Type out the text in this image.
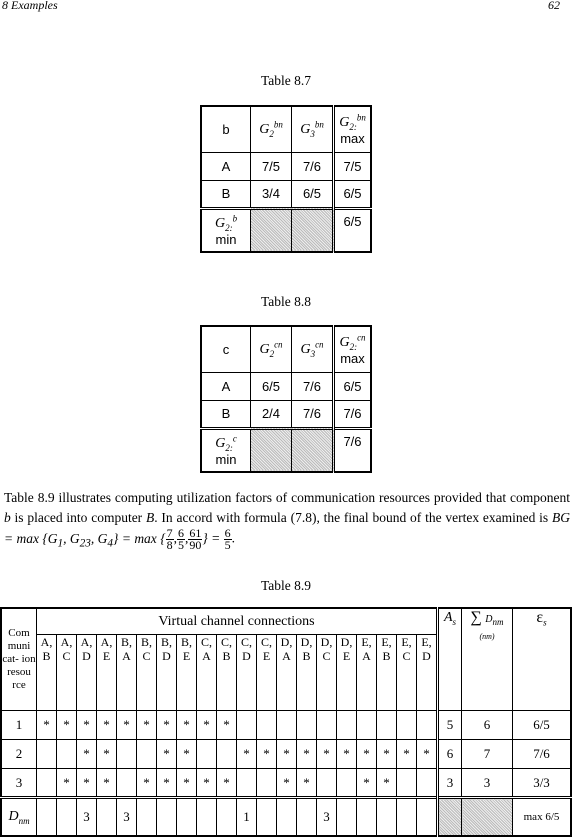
8 Examples	62
Table 8.7
b	$G_2^{bn}$	$G_3^{bn}$	$G_{2:}^{bn}$
max
A	7/5	7/6	7/5
B	3/4	6/5	6/5
$G_{2:}^b$
min			6/5
Table 8.8
c	$G_2^{cn}$	$G_3^{cn}$	$G_{2:}^{cn}$
max
A	6/5	7/6	6/5
B	2/4	7/6	7/6
$G_{2:}^c$
min			7/6
Table 8.9 illustrates computing utilization factors of communication resources provided that component b is placed into computer B. In accord with formula (7.8), the final bound of the vertex examined is BG = $\max \{G_1$, $G_{23}$, $G_4\} = \max$ { $\frac{7}{8}$ , $\frac{6}{5}$ , $\frac{61}{90}$ } = $\frac{6}{5}$ .
Table 8.9
Com muni cat- ion resou rce	Virtual channel connections																				$A_s$	∑ $D_{nm}$
(nm)	$\varepsilon_s$
	A, B	A, C	A, D	A, E	B, A	B, C	B, D	B, E	C, A	C, B	C, D	C, E	D, A	D, B	D, C	D, E	E, A	E, B	E, C	E, D			
1	*	*	*	*	*	*	*	*	*	*											5	6	6/5
2			*	*			*	*			*	*	*	*	*	*	*	*	*	*	6	7	7/6
3		*	*	*		*	*	*	*	*			*	*			*	*			3	3	3/3
$D_{nm}$			3		3						1				3								max 6/5
